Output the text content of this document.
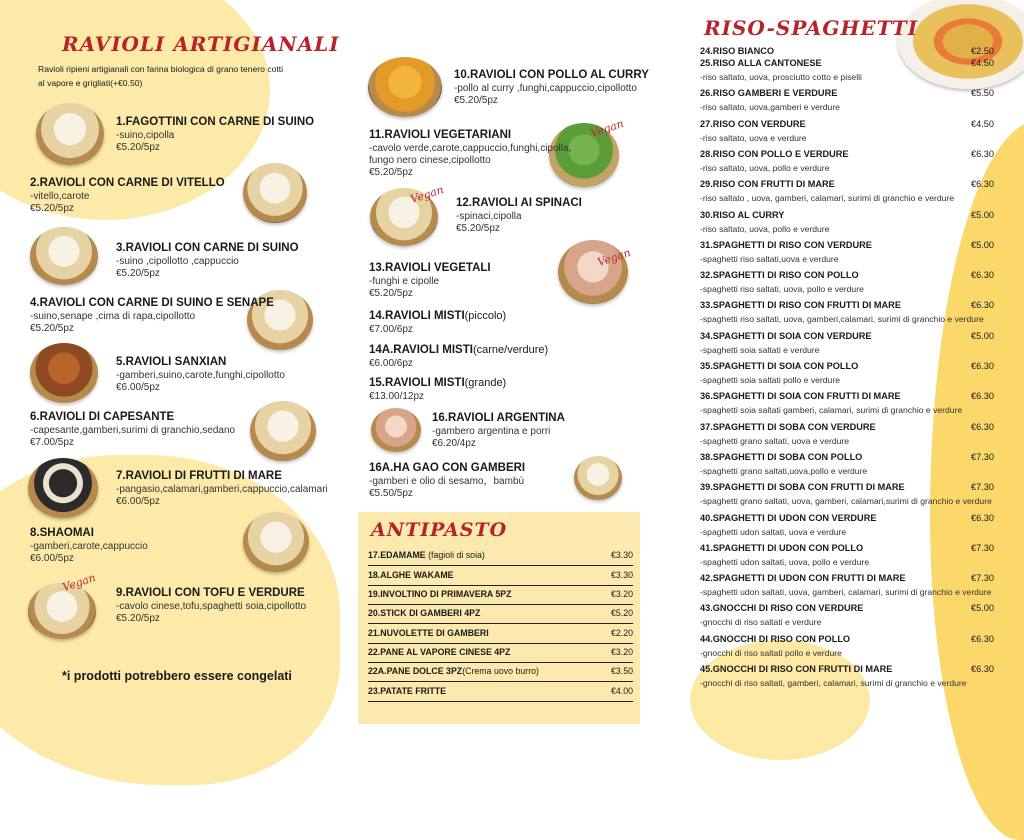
RAVIOLI ARTIGIANALI
Ravioli ripieni artigianali con farina biologica di grano tenero cotti
al vapore e grigliati(+€0.50)
1.FAGOTTINI CON CARNE DI SUINO
-suino,cipolla
€5.20/5pz
2.RAVIOLI CON CARNE DI VITELLO
-vitello,carote
€5.20/5pz
3.RAVIOLI CON CARNE DI SUINO
-suino ,cipollotto ,cappuccio
€5.20/5pz
4.RAVIOLI CON CARNE DI SUINO E SENAPE
-suino,senape ,cima di rapa,cipollotto
€5.20/5pz
5.RAVIOLI SANXIAN
-gamberi,suino,carote,funghi,cipollotto
€6.00/5pz
6.RAVIOLI DI CAPESANTE
-capesante,gamberi,surimi di granchio,sedano
€7.00/5pz
7.RAVIOLI DI FRUTTI DI MARE
-pangasio,calamari,gamberi,cappuccio,calamari
€6.00/5pz
8.SHAOMAI
-gamberi,carote,cappuccio
€6.00/5pz
Vegan 9.RAVIOLI CON TOFU E VERDURE
-cavolo cinese,tofu,spaghetti soia,cipollotto
€5.20/5pz
*i prodotti potrebbero essere congelati
10.RAVIOLI CON POLLO AL CURRY
-pollo al curry ,funghi,cappuccio,cipollotto
€5.20/5pz
11.RAVIOLI VEGETARIANI
-cavolo verde,carote,cappuccio,funghi,cipolla,
fungo nero cinese,cipollotto
€5.20/5pz
Vegan
Vegan 12.RAVIOLI AI SPINACI
-spinaci,cipolla
€5.20/5pz
13.RAVIOLI VEGETALI
-funghi e cipolle
€5.20/5pz
Vegan
14.RAVIOLI MISTI(piccolo)
€7.00/6pz
14A.RAVIOLI MISTI(carne/verdure)
€6.00/6pz
15.RAVIOLI MISTI(grande)
€13.00/12pz
16.RAVIOLI ARGENTINA
-gambero argentina e porri
€6.20/4pz
16A.HA GAO CON GAMBERI
-gamberi e olio di sesamo，bambù
€5.50/5pz
ANTIPASTO
17.EDAMAME (fagioli di soia)	€3.30
18.ALGHE WAKAME	€3.30
19.INVOLTINO DI PRIMAVERA 5PZ	€3.20
20.STICK DI GAMBERI 4PZ	€5.20
21.NUVOLETTE DI GAMBERI	€2.20
22.PANE AL VAPORE CINESE 4PZ	€3.20
22A.PANE DOLCE 3PZ(Crema uovo burro)	€3.50
23.PATATE FRITTE	€4.00
RISO-SPAGHETTI
24.RISO BIANCO	€2.50
25.RISO ALLA CANTONESE	€4.50
-riso saltato, uova, prosciutto cotto e piselli
26.RISO GAMBERI E VERDURE	€5.50
-riso saltato, uova,gamberi e verdure
27.RISO CON VERDURE	€4.50
-riso saltato, uova e verdure
28.RISO CON POLLO E VERDURE	€6.30
-riso saltato, uova, pollo e verdure
29.RISO CON FRUTTI DI MARE	€6.30
-riso saltato , uova, gamberi, calamari, surimi di granchio e verdure
30.RISO AL CURRY	€5.00
-riso saltato, uova, pollo e verdure
31.SPAGHETTI DI RISO CON VERDURE	€5.00
-spaghetti riso saltati,uova e verdure
32.SPAGHETTI DI RISO CON POLLO	€6.30
-spaghetti riso saltati, uova, pollo e verdure
33.SPAGHETTI DI RISO CON FRUTTI DI MARE	€6.30
-spaghetti riso saltati, uova, gamberi,calamari, surimi di granchio e verdure
34.SPAGHETTI DI SOIA CON VERDURE	€5.00
-spaghetti soia saltati e verdure
35.SPAGHETTI DI SOIA CON POLLO	€6.30
-spaghetti soia saltati pollo e verdure
36.SPAGHETTI DI SOIA CON FRUTTI DI MARE	€6.30
-spaghetti soia saltati gamberi, calamari, surimi di granchio e verdure
37.SPAGHETTI DI SOBA CON VERDURE	€6.30
-spaghetti grano saltati, uova e verdure
38.SPAGHETTI DI SOBA CON POLLO	€7.30
-spaghetti grano saltati,uova,pollo e verdure
39.SPAGHETTI DI SOBA CON FRUTTI DI MARE	€7.30
-spaghetti grano saltati, uova, gamberi, calamari,surimi di granchio e verdure
40.SPAGHETTI DI UDON CON VERDURE	€6.30
-spaghetti udon saltati, uova e verdure
41.SPAGHETTI DI UDON CON POLLO	€7.30
-spaghetti udon saltati, uova, pollo e verdure
42.SPAGHETTI DI UDON CON FRUTTI DI MARE	€7.30
-spaghetti udon saltati, uova, gamberi, calamari, surimi di granchio e verdure
43.GNOCCHI DI RISO CON VERDURE	€5.00
-gnocchi di riso saltati e verdure
44.GNOCCHI DI RISO CON POLLO	€6.30
-gnocchi di riso saltati pollo e verdure
45.GNOCCHI DI RISO CON FRUTTI DI MARE	€6.30
-gnocchi di riso saltati, gamberi, calamari, surimi di granchio e verdure
